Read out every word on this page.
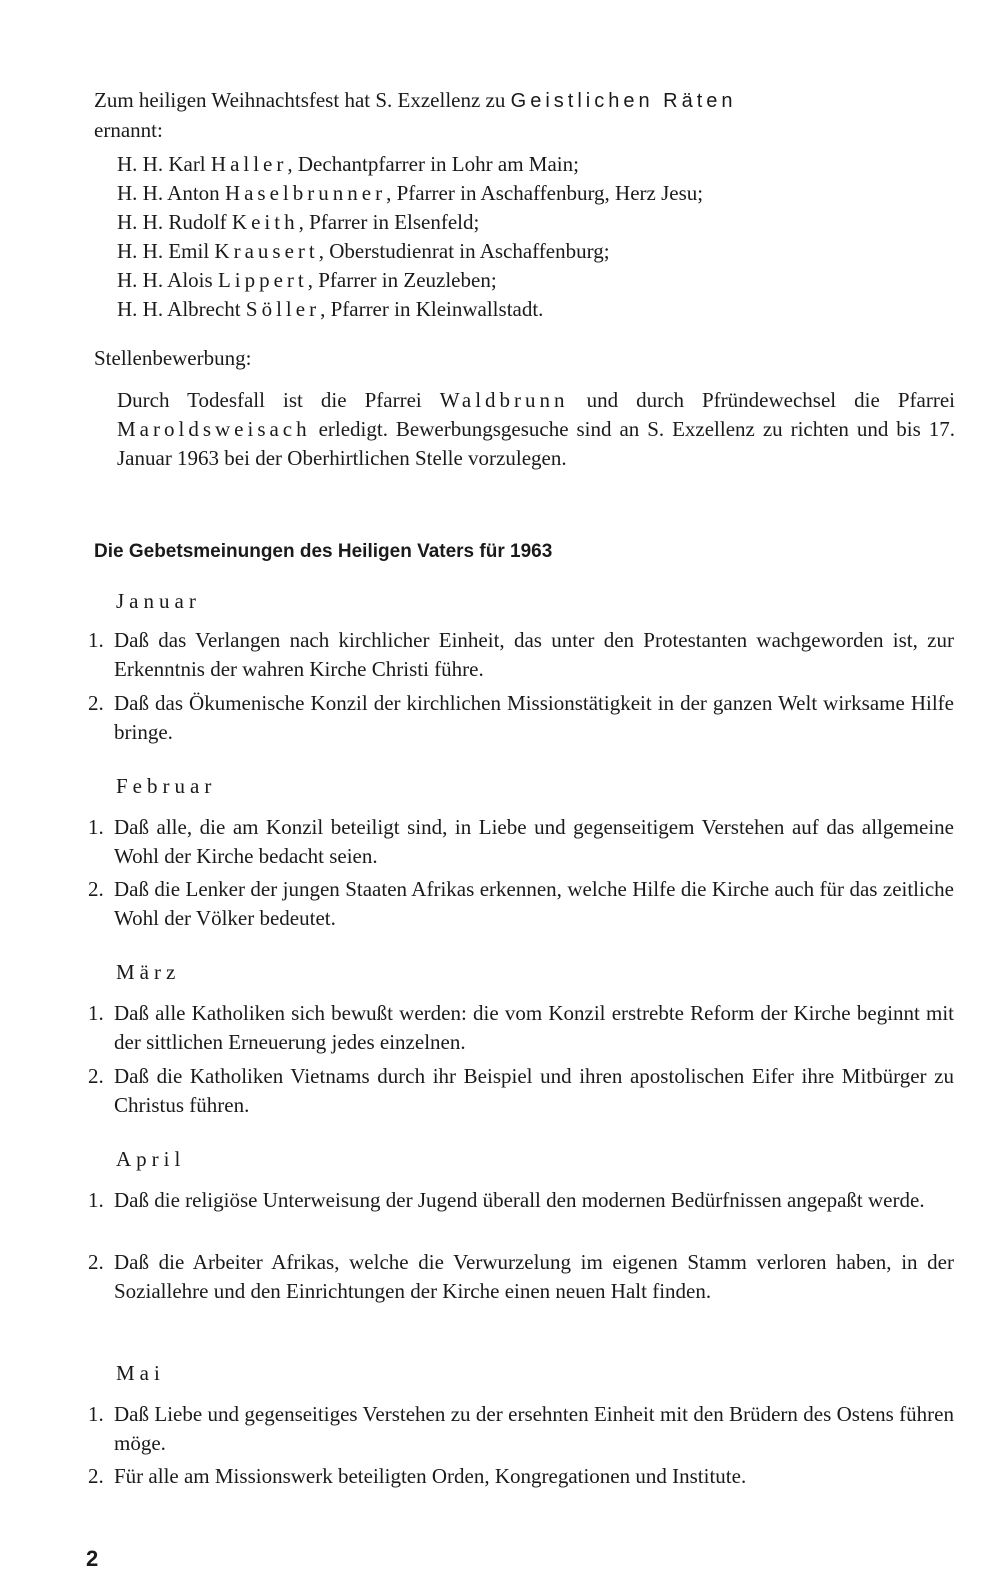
Zum heiligen Weihnachtsfest hat S. Exzellenz zu Geistlichen Räten
ernannt:
H. H. Karl Haller, Dechantpfarrer in Lohr am Main;
H. H. Anton Haselbrunner, Pfarrer in Aschaffenburg, Herz Jesu;
H. H. Rudolf Keith, Pfarrer in Elsenfeld;
H. H. Emil Krausert, Oberstudienrat in Aschaffenburg;
H. H. Alois Lippert, Pfarrer in Zeuzleben;
H. H. Albrecht Söller, Pfarrer in Kleinwallstadt.
Stellenbewerbung:
Durch Todesfall ist die Pfarrei Waldbrunn und durch Pfründewechsel die Pfarrei Maroldsweisach erledigt. Bewerbungsgesuche sind an S. Exzellenz zu richten und bis 17. Januar 1963 bei der Oberhirtlichen Stelle vorzulegen.
Die Gebetsmeinungen des Heiligen Vaters für 1963
Januar
1. Daß das Verlangen nach kirchlicher Einheit, das unter den Protestanten wachgeworden ist, zur Erkenntnis der wahren Kirche Christi führe.
2. Daß das Ökumenische Konzil der kirchlichen Missionstätigkeit in der ganzen Welt wirksame Hilfe bringe.
Februar
1. Daß alle, die am Konzil beteiligt sind, in Liebe und gegenseitigem Verstehen auf das allgemeine Wohl der Kirche bedacht seien.
2. Daß die Lenker der jungen Staaten Afrikas erkennen, welche Hilfe die Kirche auch für das zeitliche Wohl der Völker bedeutet.
März
1. Daß alle Katholiken sich bewußt werden: die vom Konzil erstrebte Reform der Kirche beginnt mit der sittlichen Erneuerung jedes einzelnen.
2. Daß die Katholiken Vietnams durch ihr Beispiel und ihren apostolischen Eifer ihre Mitbürger zu Christus führen.
April
1. Daß die religiöse Unterweisung der Jugend überall den modernen Bedürfnissen angepaßt werde.
2. Daß die Arbeiter Afrikas, welche die Verwurzelung im eigenen Stamm verloren haben, in der Soziallehre und den Einrichtungen der Kirche einen neuen Halt finden.
Mai
1. Daß Liebe und gegenseitiges Verstehen zu der ersehnten Einheit mit den Brüdern des Ostens führen möge.
2. Für alle am Missionswerk beteiligten Orden, Kongregationen und Institute.
2
